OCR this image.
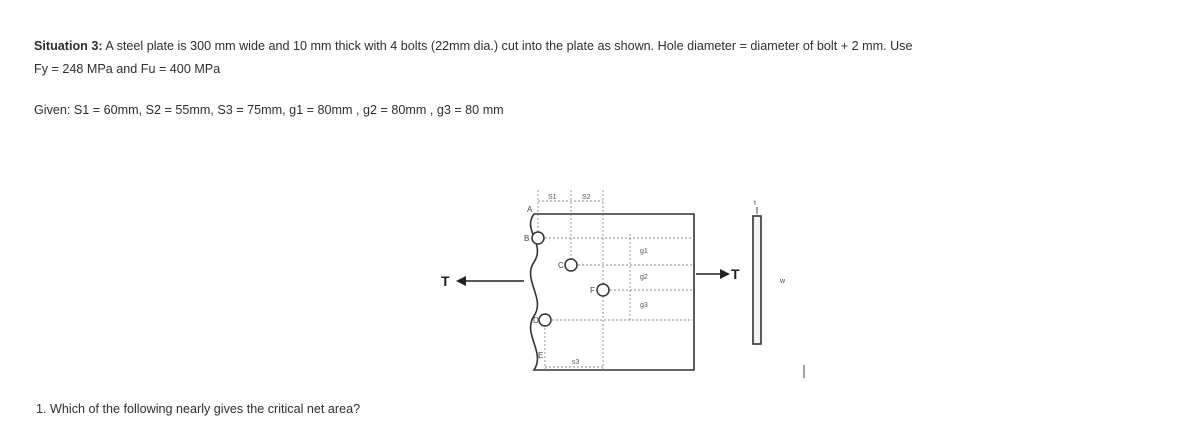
Situation 3: A steel plate is 300 mm wide and 10 mm thick with 4 bolts (22mm dia.) cut into the plate as shown. Hole diameter = diameter of bolt + 2 mm. Use
Fy = 248 MPa and Fu = 400 MPa
Given: S1 = 60mm, S2 = 55mm, S3 = 75mm, g1 = 80mm , g2 = 80mm , g3 = 80 mm
T	T
B
C
F
D
A
E
S1	S2
s3
g1
g2
g3
t
w
1. Which of the following nearly gives the critical net area?
